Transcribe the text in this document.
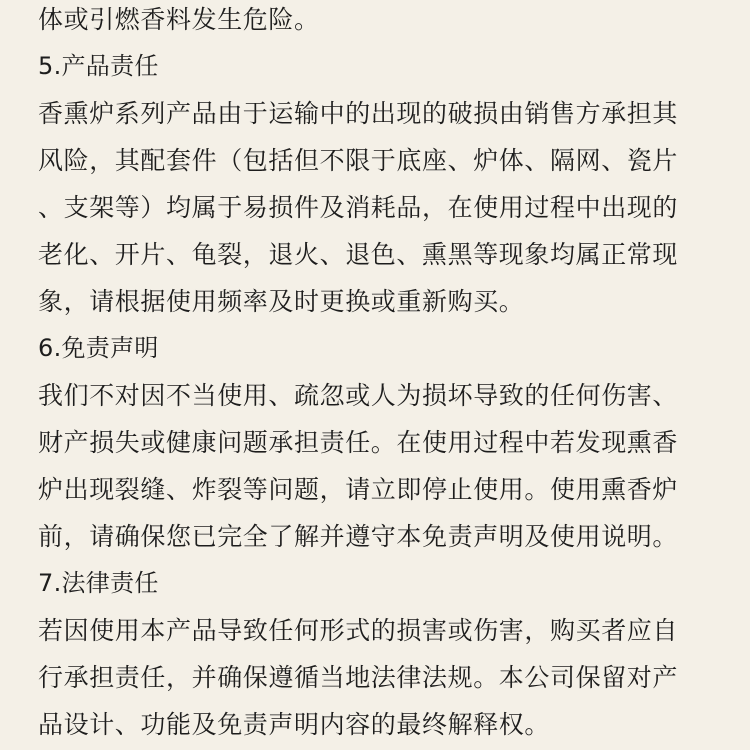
体或引燃香料发生危险。
5.产品责任
香熏炉系列产品由于运输中的出现的破损由销售方承担其
风险，其配套件（包括但不限于底座、炉体、隔网、瓷片
、支架等）均属于易损件及消耗品，在使用过程中出现的
老化、开片、龟裂，退火、退色、熏黑等现象均属正常现
象，请根据使用频率及时更换或重新购买。
6.免责声明
我们不对因不当使用、疏忽或人为损坏导致的任何伤害、
财产损失或健康问题承担责任。在使用过程中若发现熏香
炉出现裂缝、炸裂等问题，请立即停止使用。使用熏香炉
前，请确保您已完全了解并遵守本免责声明及使用说明。
7.法律责任
若因使用本产品导致任何形式的损害或伤害，购买者应自
行承担责任，并确保遵循当地法律法规。本公司保留对产
品设计、功能及免责声明内容的最终解释权。
